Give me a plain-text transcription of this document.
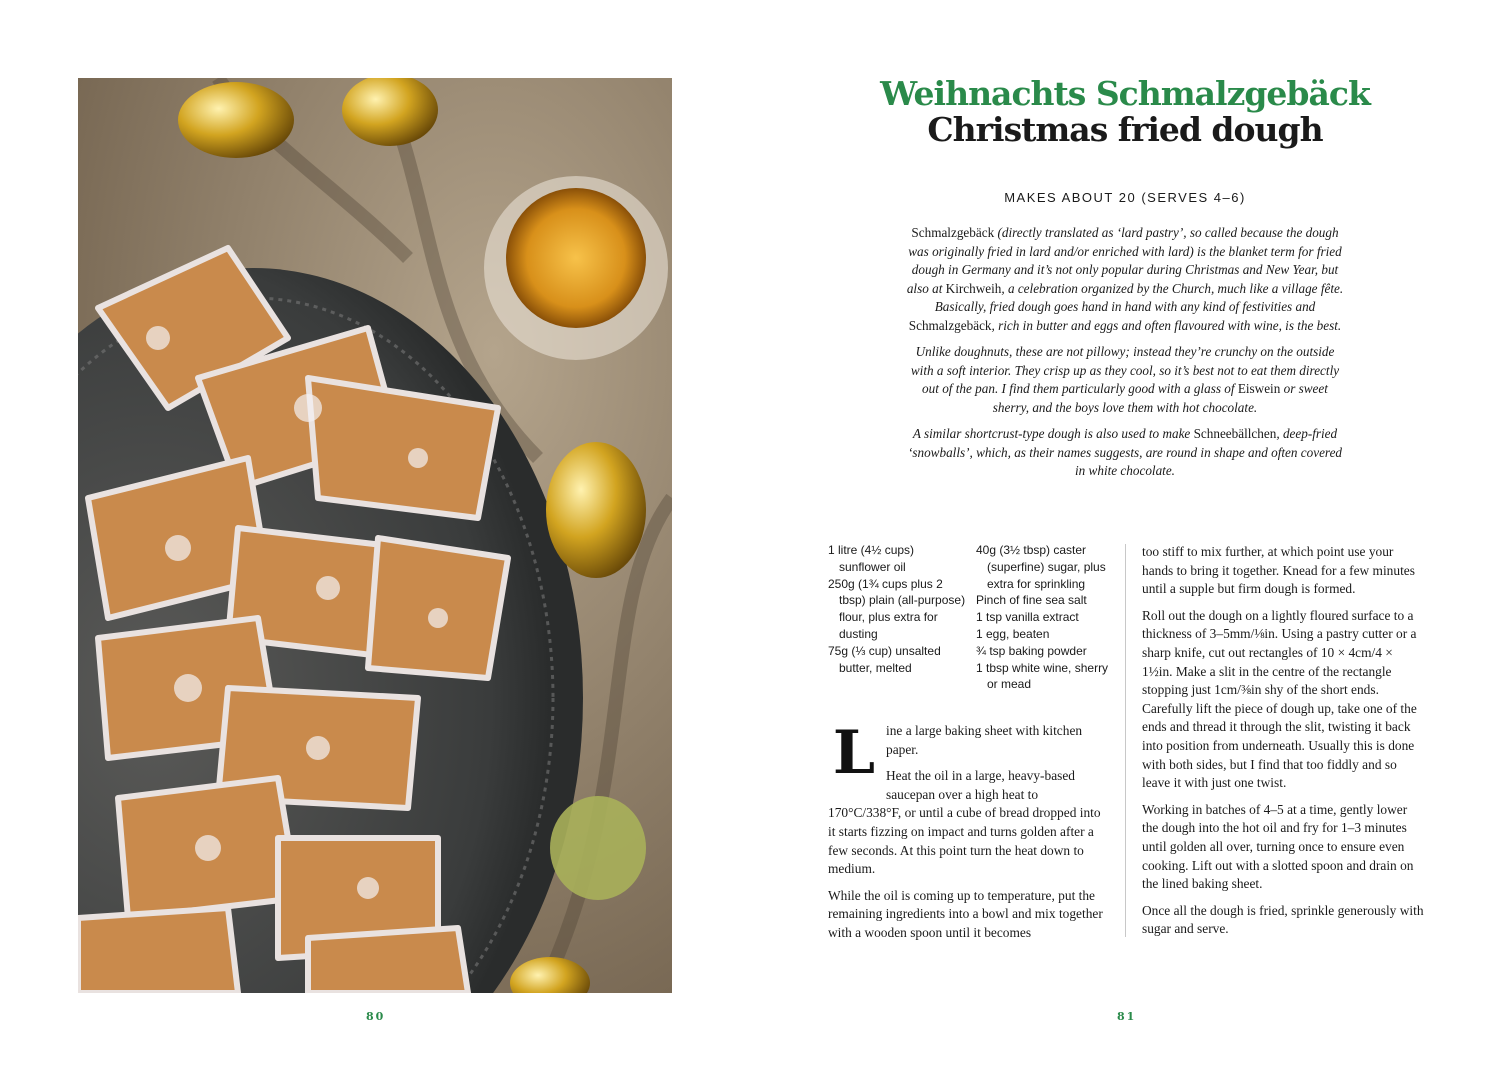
80
Weihnachts Schmalzgebäck
Christmas fried dough
MAKES ABOUT 20 (SERVES 4–6)

Schmalzgebäck (directly translated as ‘lard pastry’, so called because the dough was originally fried in lard and/or enriched with lard) is the blanket term for fried dough in Germany and it’s not only popular during Christmas and New Year, but also at Kirchweih, a celebration organized by the Church, much like a village fête. Basically, fried dough goes hand in hand with any kind of festivities and Schmalzgebäck, rich in butter and eggs and often flavoured with wine, is the best.

Unlike doughnuts, these are not pillowy; instead they’re crunchy on the outside with a soft interior. They crisp up as they cool, so it’s best not to eat them directly out of the pan. I find them particularly good with a glass of Eiswein or sweet sherry, and the boys love them with hot chocolate.

A similar shortcrust-type dough is also used to make Schneebällchen, deep-fried ‘snowballs’, which, as their names suggests, are round in shape and often covered in white chocolate.

1 litre (4½ cups) sunflower oil
250g (1¾ cups plus 2 tbsp) plain (all-purpose) flour, plus extra for dusting
75g (⅓ cup) unsalted butter, melted
40g (3½ tbsp) caster (superfine) sugar, plus extra for sprinkling
Pinch of fine sea salt
1 tsp vanilla extract
1 egg, beaten
¾ tsp baking powder
1 tbsp white wine, sherry or mead

Line a large baking sheet with kitchen paper.

Heat the oil in a large, heavy-based saucepan over a high heat to 170°C/338°F, or until a cube of bread dropped into it starts fizzing on impact and turns golden after a few seconds. At this point turn the heat down to medium.

While the oil is coming up to temperature, put the remaining ingredients into a bowl and mix together with a wooden spoon until it becomes

too stiff to mix further, at which point use your hands to bring it together. Knead for a few minutes until a supple but firm dough is formed.

Roll out the dough on a lightly floured surface to a thickness of 3–5mm/⅛in. Using a pastry cutter or a sharp knife, cut out rectangles of 10 × 4cm/4 × 1½in. Make a slit in the centre of the rectangle stopping just 1cm/⅜in shy of the short ends. Carefully lift the piece of dough up, take one of the ends and thread it through the slit, twisting it back into position from underneath. Usually this is done with both sides, but I find that too fiddly and so leave it with just one twist.

Working in batches of 4–5 at a time, gently lower the dough into the hot oil and fry for 1–3 minutes until golden all over, turning once to ensure even cooking. Lift out with a slotted spoon and drain on the lined baking sheet.

Once all the dough is fried, sprinkle generously with sugar and serve.

81
